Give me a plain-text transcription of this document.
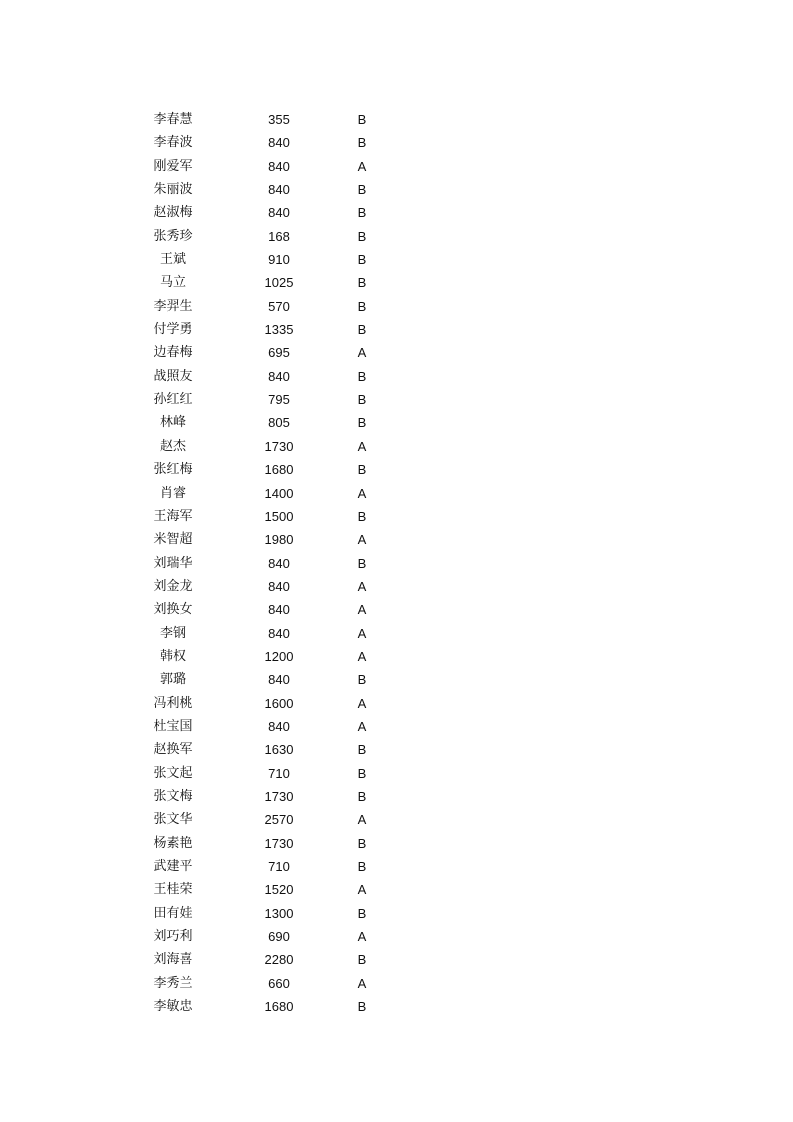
李春慧	355	B
李春波	840	B
刚爱军	840	A
朱丽波	840	B
赵淑梅	840	B
张秀珍	168	B
王斌	910	B
马立	1025	B
李羿生	570	B
付学勇	1335	B
边春梅	695	A
战照友	840	B
孙红红	795	B
林峰	805	B
赵杰	1730	A
张红梅	1680	B
肖睿	1400	A
王海军	1500	B
米智超	1980	A
刘瑞华	840	B
刘金龙	840	A
刘换女	840	A
李钢	840	A
韩权	1200	A
郭璐	840	B
冯利桃	1600	A
杜宝国	840	A
赵换军	1630	B
张文起	710	B
张文梅	1730	B
张文华	2570	A
杨素艳	1730	B
武建平	710	B
王桂荣	1520	A
田有娃	1300	B
刘巧利	690	A
刘海喜	2280	B
李秀兰	660	A
李敏忠	1680	B
